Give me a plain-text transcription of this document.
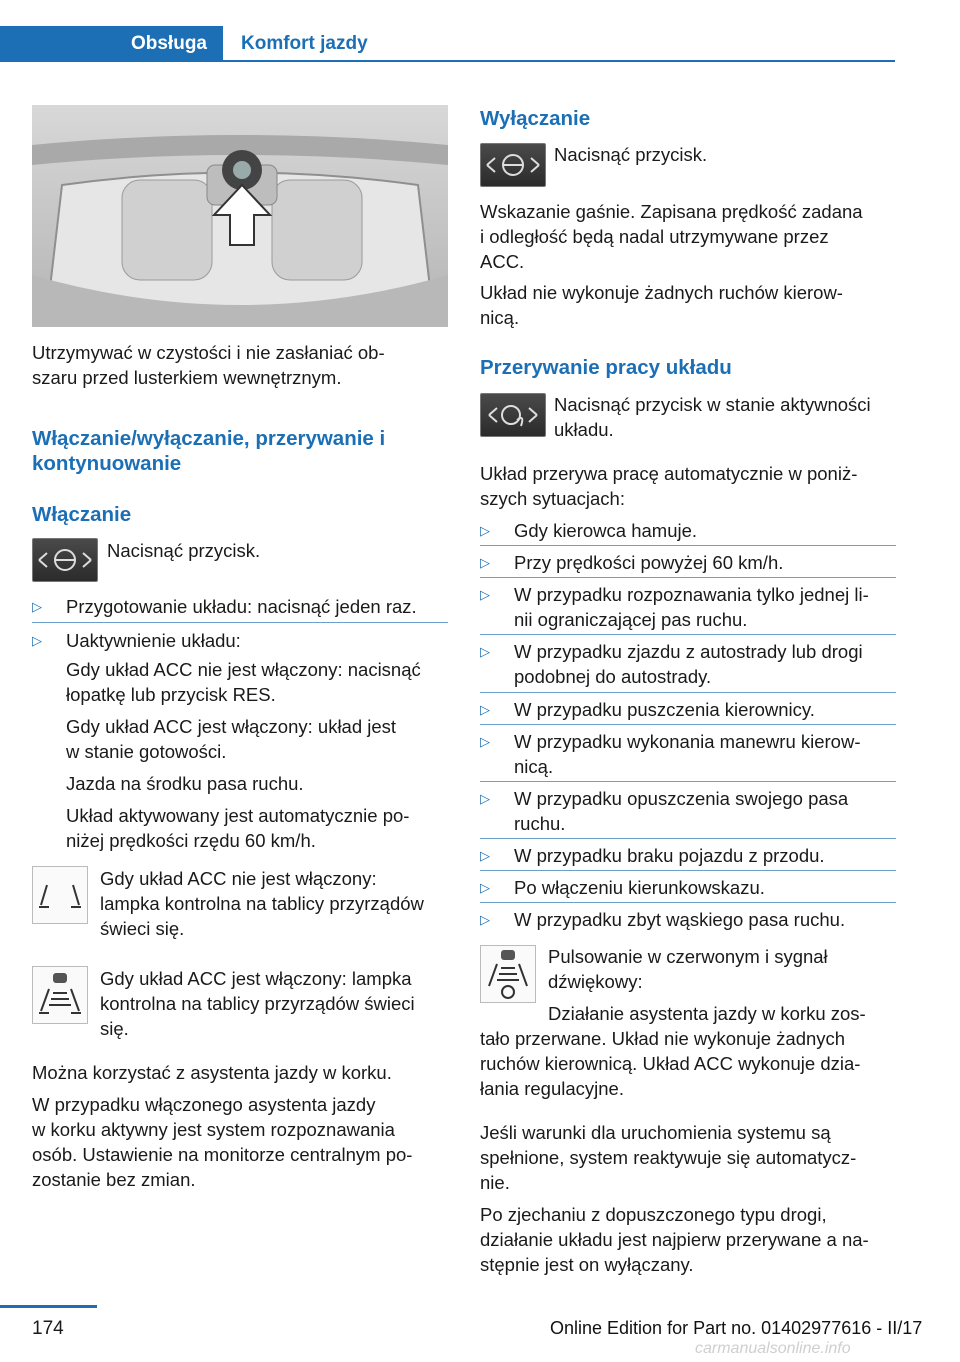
Obsługa	Komfort jazdy
Utrzymywać w czystości i nie zasłaniać ob‐
szaru przed lusterkiem wewnętrznym.
Włączanie/wyłączanie, przerywanie i
kontynuowanie
Włączanie
Nacisnąć przycisk.
▷ Przygotowanie układu: nacisnąć jeden raz.
▷ Uaktywnienie układu:
Gdy układ ACC nie jest włączony: nacisnąć
łopatkę lub przycisk RES.
Gdy układ ACC jest włączony: układ jest
w stanie gotowości.
Jazda na środku pasa ruchu.
Układ aktywowany jest automatycznie po‐
niżej prędkości rzędu 60 km/h.
Gdy układ ACC nie jest włączony:
lampka kontrolna na tablicy przyrządów
świeci się.
Gdy układ ACC jest włączony: lampka
kontrolna na tablicy przyrządów świeci
się.
Można korzystać z asystenta jazdy w korku.
W przypadku włączonego asystenta jazdy
w korku aktywny jest system rozpoznawania
osób. Ustawienie na monitorze centralnym po‐
zostanie bez zmian.
Wyłączanie
Nacisnąć przycisk.
Wskazanie gaśnie. Zapisana prędkość zadana
i odległość będą nadal utrzymywane przez
ACC.
Układ nie wykonuje żadnych ruchów kierow‐
nicą.
Przerywanie pracy układu
Nacisnąć przycisk w stanie aktywności
układu.
Układ przerywa pracę automatycznie w poniż‐
szych sytuacjach:
▷ Gdy kierowca hamuje.
▷ Przy prędkości powyżej 60 km/h.
▷ W przypadku rozpoznawania tylko jednej li‐
nii ograniczającej pas ruchu.
▷ W przypadku zjazdu z autostrady lub drogi
podobnej do autostrady.
▷ W przypadku puszczenia kierownicy.
▷ W przypadku wykonania manewru kierow‐
nicą.
▷ W przypadku opuszczenia swojego pasa
ruchu.
▷ W przypadku braku pojazdu z przodu.
▷ Po włączeniu kierunkowskazu.
▷ W przypadku zbyt wąskiego pasa ruchu.
Pulsowanie w czerwonym i sygnał
dźwiękowy:
Działanie asystenta jazdy w korku zos‐
tało przerwane. Układ nie wykonuje żadnych
ruchów kierownicą. Układ ACC wykonuje dzia‐
łania regulacyjne.
Jeśli warunki dla uruchomienia systemu są
spełnione, system reaktywuje się automatycz‐
nie.
Po zjechaniu z dopuszczonego typu drogi,
działanie układu jest najpierw przerywane a na‐
stępnie jest on wyłączany.
174	Online Edition for Part no. 01402977616 - II/17
carmanualsonline.info
